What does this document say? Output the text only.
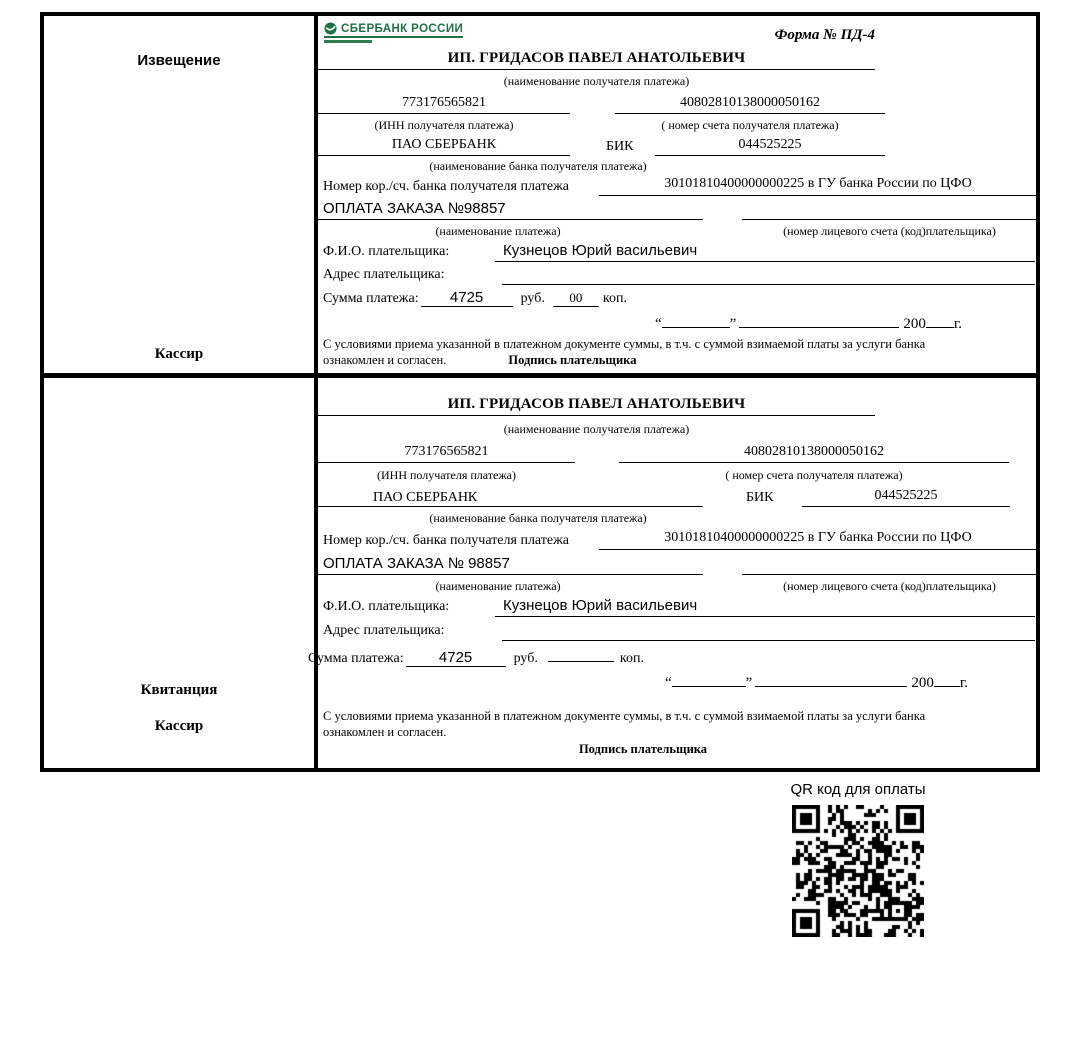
Извещение
Кассир
СБЕРБАНК РОССИИ	Форма № ПД-4
ИП. ГРИДАСОВ ПАВЕЛ АНАТОЛЬЕВИЧ
(наименование получателя платежа)
773176565821	40802810138000050162
(ИНН получателя платежа)	( номер счета получателя платежа)
ПАО СБЕРБАНК	БИК	044525225
(наименование банка получателя платежа)
Номер кор./сч. банка получателя платежа	30101810400000000225 в ГУ банка России по ЦФО
ОПЛАТА ЗАКАЗА №98857
(наименование платежа)	(номер лицевого счета (код)плательщика)
Ф.И.О. плательщика:	Кузнецов Юрий васильевич
Адрес плательщика:
Сумма платежа:	4725	руб.	00	коп.
“	”	200 г.
С условиями приема указанной в платежном документе суммы, в т.ч. с суммой взимаемой платы за услуги банка
ознакомлен и согласен.	Подпись плательщика
Квитанция
Кассир
ИП. ГРИДАСОВ ПАВЕЛ АНАТОЛЬЕВИЧ
(наименование получателя платежа)
773176565821	40802810138000050162
(ИНН получателя платежа)	( номер счета получателя платежа)
ПАО СБЕРБАНК	БИК	044525225
(наименование банка получателя платежа)
Номер кор./сч. банка получателя платежа	30101810400000000225 в ГУ банка России по ЦФО
ОПЛАТА ЗАКАЗА № 98857
(наименование платежа)	(номер лицевого счета (код)плательщика)
Ф.И.О. плательщика:	Кузнецов Юрий васильевич
Адрес плательщика:
Сумма платежа:	4725	руб.	коп.
“	”	200 г.
С условиями приема указанной в платежном документе суммы, в т.ч. с суммой взимаемой платы за услуги банка
ознакомлен и согласен.
Подпись плательщика
QR код для оплаты
